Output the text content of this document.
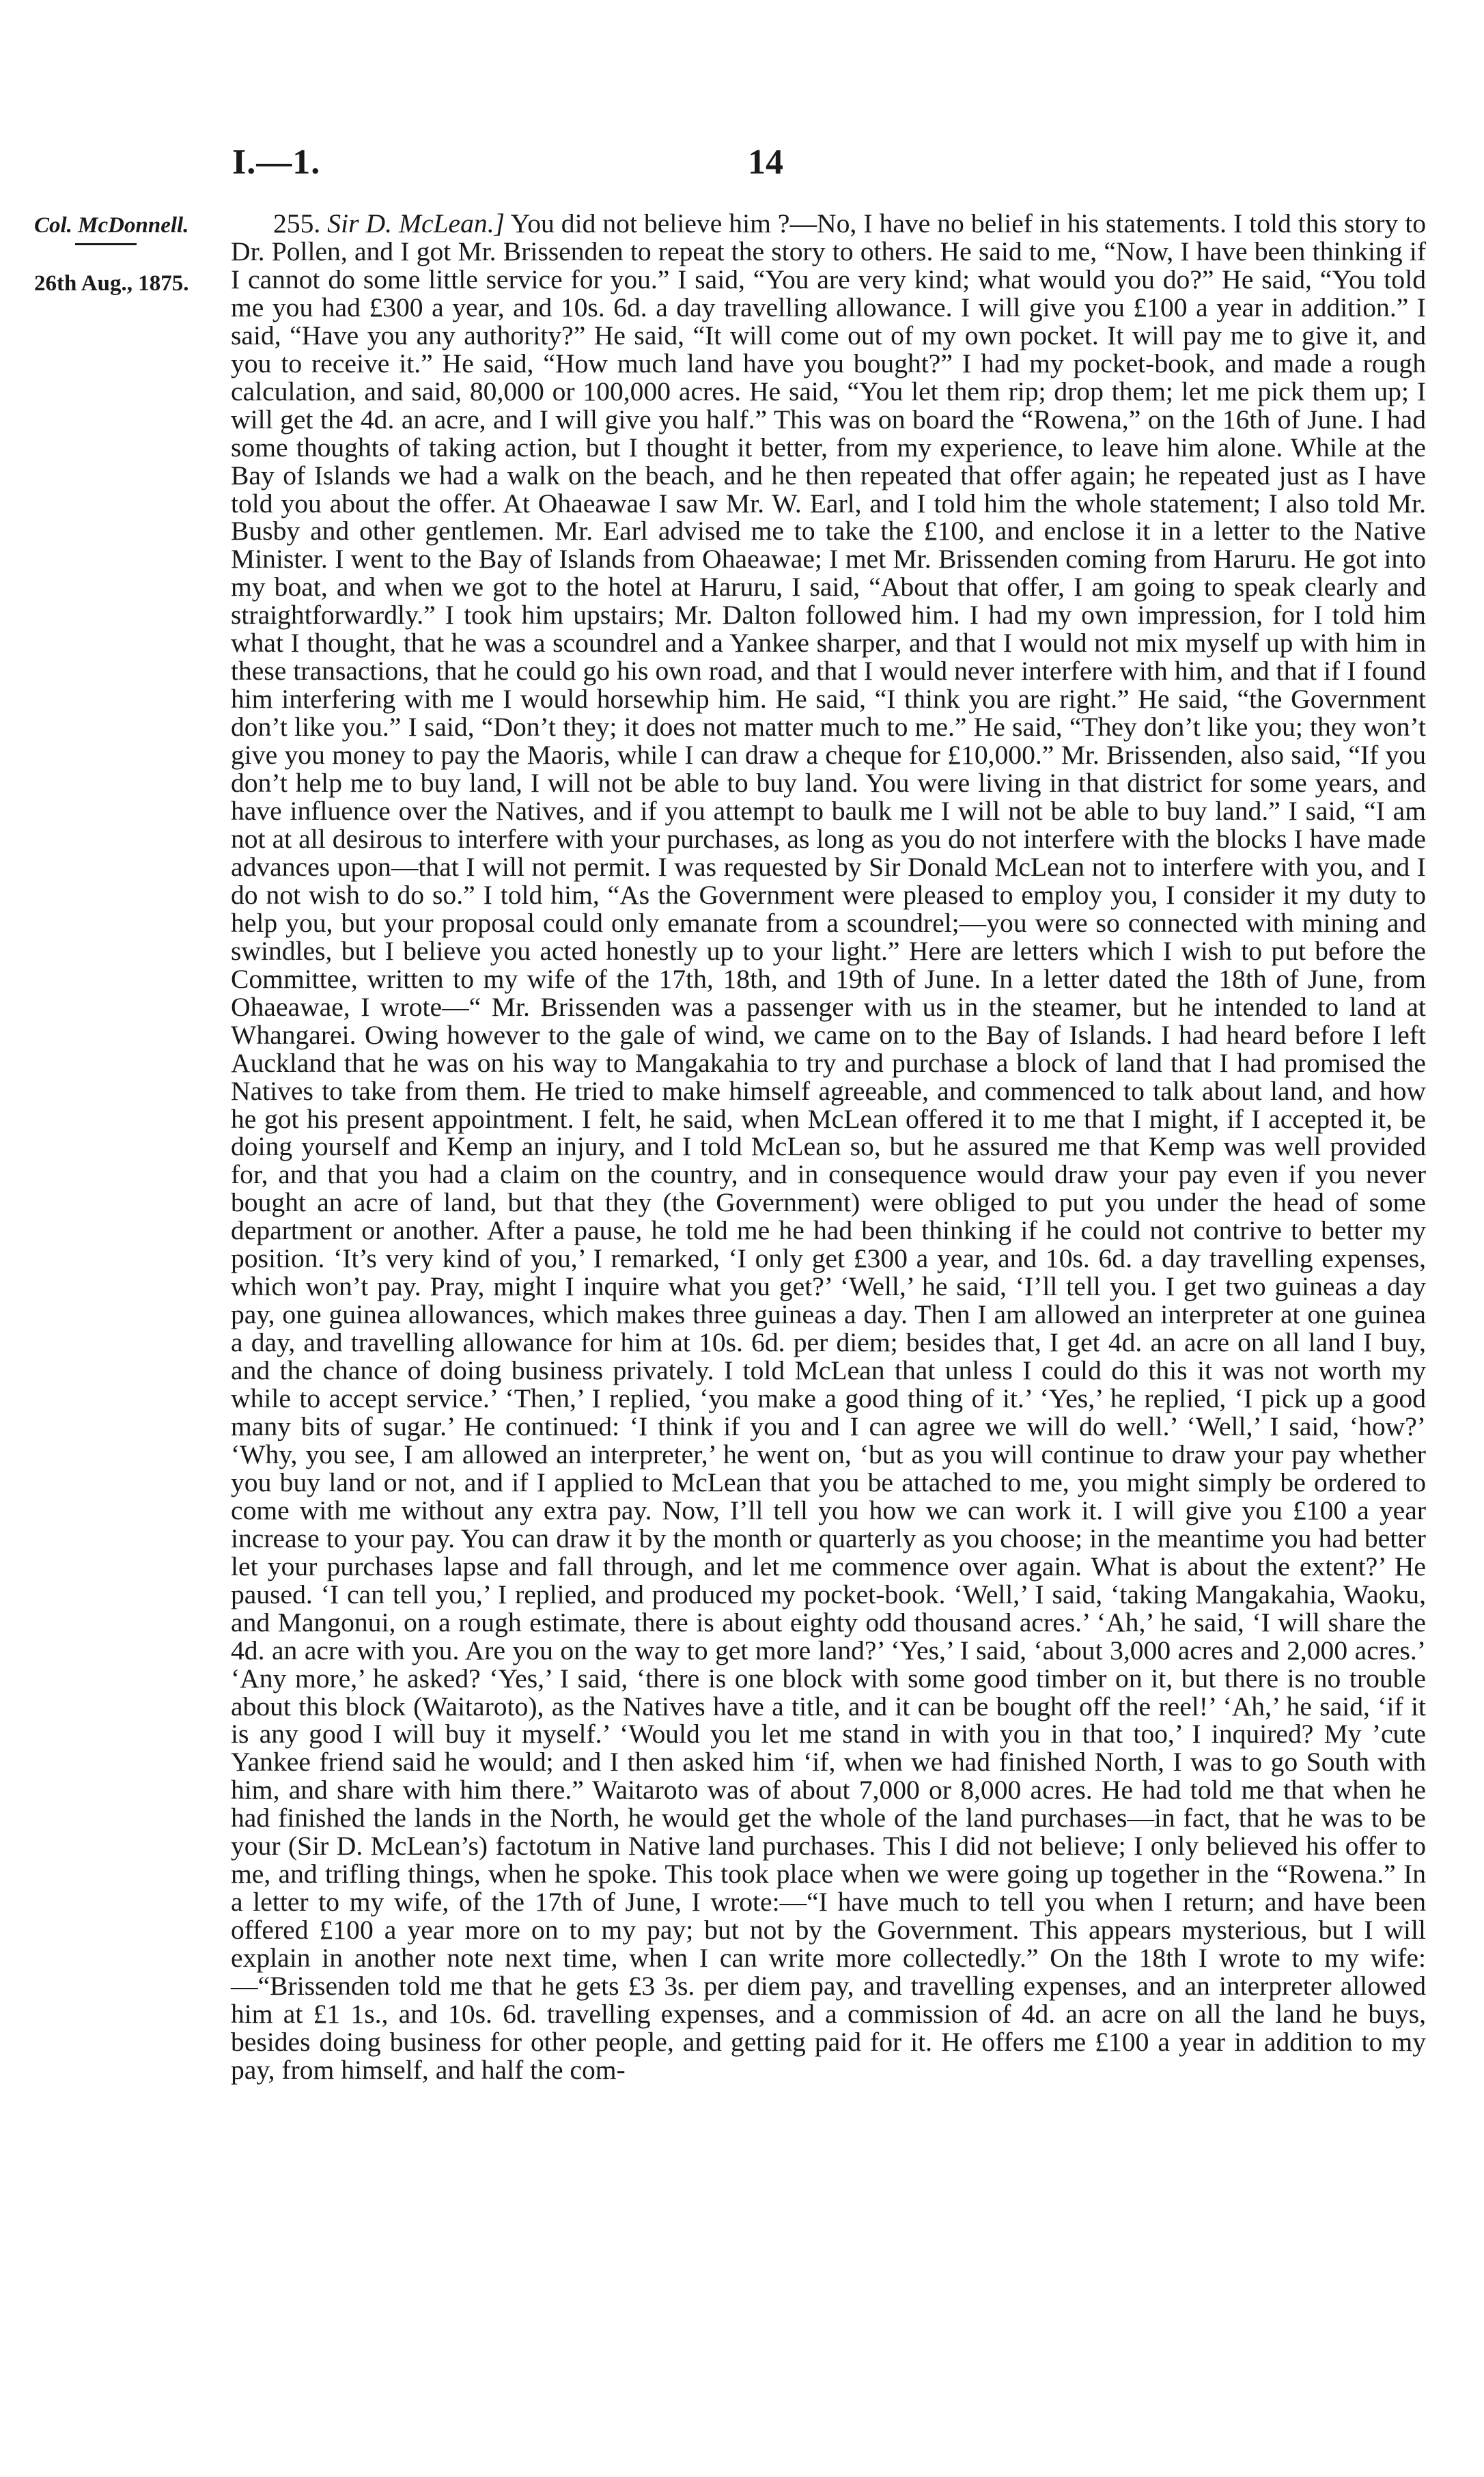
I.—1.	14
Col. McDonnell.
26th Aug., 1875.

255. Sir D. McLean.] You did not believe him ?—No, I have no belief in his statements. I told this story to Dr. Pollen, and I got Mr. Brissenden to repeat the story to others. He said to me, “Now, I have been thinking if I cannot do some little service for you.” I said, “You are very kind; what would you do?” He said, “You told me you had £300 a year, and 10s. 6d. a day travelling allowance. I will give you £100 a year in addition.” I said, “Have you any authority?” He said, “It will come out of my own pocket. It will pay me to give it, and you to receive it.” He said, “How much land have you bought?” I had my pocket-book, and made a rough calculation, and said, 80,000 or 100,000 acres. He said, “You let them rip; drop them; let me pick them up; I will get the 4d. an acre, and I will give you half.” This was on board the “Rowena,” on the 16th of June. I had some thoughts of taking action, but I thought it better, from my experience, to leave him alone. While at the Bay of Islands we had a walk on the beach, and he then repeated that offer again; he repeated just as I have told you about the offer. At Ohaeawae I saw Mr. W. Earl, and I told him the whole statement; I also told Mr. Busby and other gentlemen. Mr. Earl advised me to take the £100, and enclose it in a letter to the Native Minister. I went to the Bay of Islands from Ohaeawae; I met Mr. Brissenden coming from Haruru. He got into my boat, and when we got to the hotel at Haruru, I said, “About that offer, I am going to speak clearly and straightforwardly.” I took him upstairs; Mr. Dalton followed him. I had my own impression, for I told him what I thought, that he was a scoundrel and a Yankee sharper, and that I would not mix myself up with him in these transactions, that he could go his own road, and that I would never interfere with him, and that if I found him interfering with me I would horsewhip him. He said, “I think you are right.” He said, “the Government don’t like you.” I said, “Don’t they; it does not matter much to me.” He said, “They don’t like you; they won’t give you money to pay the Maoris, while I can draw a cheque for £10,000.” Mr. Brissenden, also said, “If you don’t help me to buy land, I will not be able to buy land. You were living in that district for some years, and have influence over the Natives, and if you attempt to baulk me I will not be able to buy land.” I said, “I am not at all desirous to interfere with your purchases, as long as you do not interfere with the blocks I have made advances upon—that I will not permit. I was requested by Sir Donald McLean not to interfere with you, and I do not wish to do so.” I told him, “As the Government were pleased to employ you, I consider it my duty to help you, but your proposal could only emanate from a scoundrel;—you were so connected with mining and swindles, but I believe you acted honestly up to your light.” Here are letters which I wish to put before the Committee, written to my wife of the 17th, 18th, and 19th of June. In a letter dated the 18th of June, from Ohaeawae, I wrote—“ Mr. Brissenden was a passenger with us in the steamer, but he intended to land at Whangarei. Owing however to the gale of wind, we came on to the Bay of Islands. I had heard before I left Auckland that he was on his way to Mangakahia to try and purchase a block of land that I had promised the Natives to take from them. He tried to make himself agreeable, and commenced to talk about land, and how he got his present appointment. I felt, he said, when McLean offered it to me that I might, if I accepted it, be doing yourself and Kemp an injury, and I told McLean so, but he assured me that Kemp was well provided for, and that you had a claim on the country, and in consequence would draw your pay even if you never bought an acre of land, but that they (the Government) were obliged to put you under the head of some department or another. After a pause, he told me he had been thinking if he could not contrive to better my position. ‘It’s very kind of you,’ I remarked, ‘I only get £300 a year, and 10s. 6d. a day travelling expenses, which won’t pay. Pray, might I inquire what you get?’ ‘Well,’ he said, ‘I’ll tell you. I get two guineas a day pay, one guinea allowances, which makes three guineas a day. Then I am allowed an interpreter at one guinea a day, and travelling allowance for him at 10s. 6d. per diem; besides that, I get 4d. an acre on all land I buy, and the chance of doing business privately. I told McLean that unless I could do this it was not worth my while to accept service.’ ‘Then,’ I replied, ‘you make a good thing of it.’ ‘Yes,’ he replied, ‘I pick up a good many bits of sugar.’ He continued: ‘I think if you and I can agree we will do well.’ ‘Well,’ I said, ‘how?’ ‘Why, you see, I am allowed an interpreter,’ he went on, ‘but as you will continue to draw your pay whether you buy land or not, and if I applied to McLean that you be attached to me, you might simply be ordered to come with me without any extra pay. Now, I’ll tell you how we can work it. I will give you £100 a year increase to your pay. You can draw it by the month or quarterly as you choose; in the meantime you had better let your purchases lapse and fall through, and let me commence over again. What is about the extent?’ He paused. ‘I can tell you,’ I replied, and produced my pocket-book. ‘Well,’ I said, ‘taking Mangakahia, Waoku, and Mangonui, on a rough estimate, there is about eighty odd thousand acres.’ ‘Ah,’ he said, ‘I will share the 4d. an acre with you. Are you on the way to get more land?’ ‘Yes,’ I said, ‘about 3,000 acres and 2,000 acres.’ ‘Any more,’ he asked? ‘Yes,’ I said, ‘there is one block with some good timber on it, but there is no trouble about this block (Waitaroto), as the Natives have a title, and it can be bought off the reel!’ ‘Ah,’ he said, ‘if it is any good I will buy it myself.’ ‘Would you let me stand in with you in that too,’ I inquired? My ’cute Yankee friend said he would; and I then asked him ‘if, when we had finished North, I was to go South with him, and share with him there.” Waitaroto was of about 7,000 or 8,000 acres. He had told me that when he had finished the lands in the North, he would get the whole of the land purchases—in fact, that he was to be your (Sir D. McLean’s) factotum in Native land purchases. This I did not believe; I only believed his offer to me, and trifling things, when he spoke. This took place when we were going up together in the “Rowena.” In a letter to my wife, of the 17th of June, I wrote:—“I have much to tell you when I return; and have been offered £100 a year more on to my pay; but not by the Government. This appears mysterious, but I will explain in another note next time, when I can write more collectedly.” On the 18th I wrote to my wife:—“Brissenden told me that he gets £3 3s. per diem pay, and travelling expenses, and an interpreter allowed him at £1 1s., and 10s. 6d. travelling expenses, and a commission of 4d. an acre on all the land he buys, besides doing business for other people, and getting paid for it. He offers me £100 a year in addition to my pay, from himself, and half the com-
